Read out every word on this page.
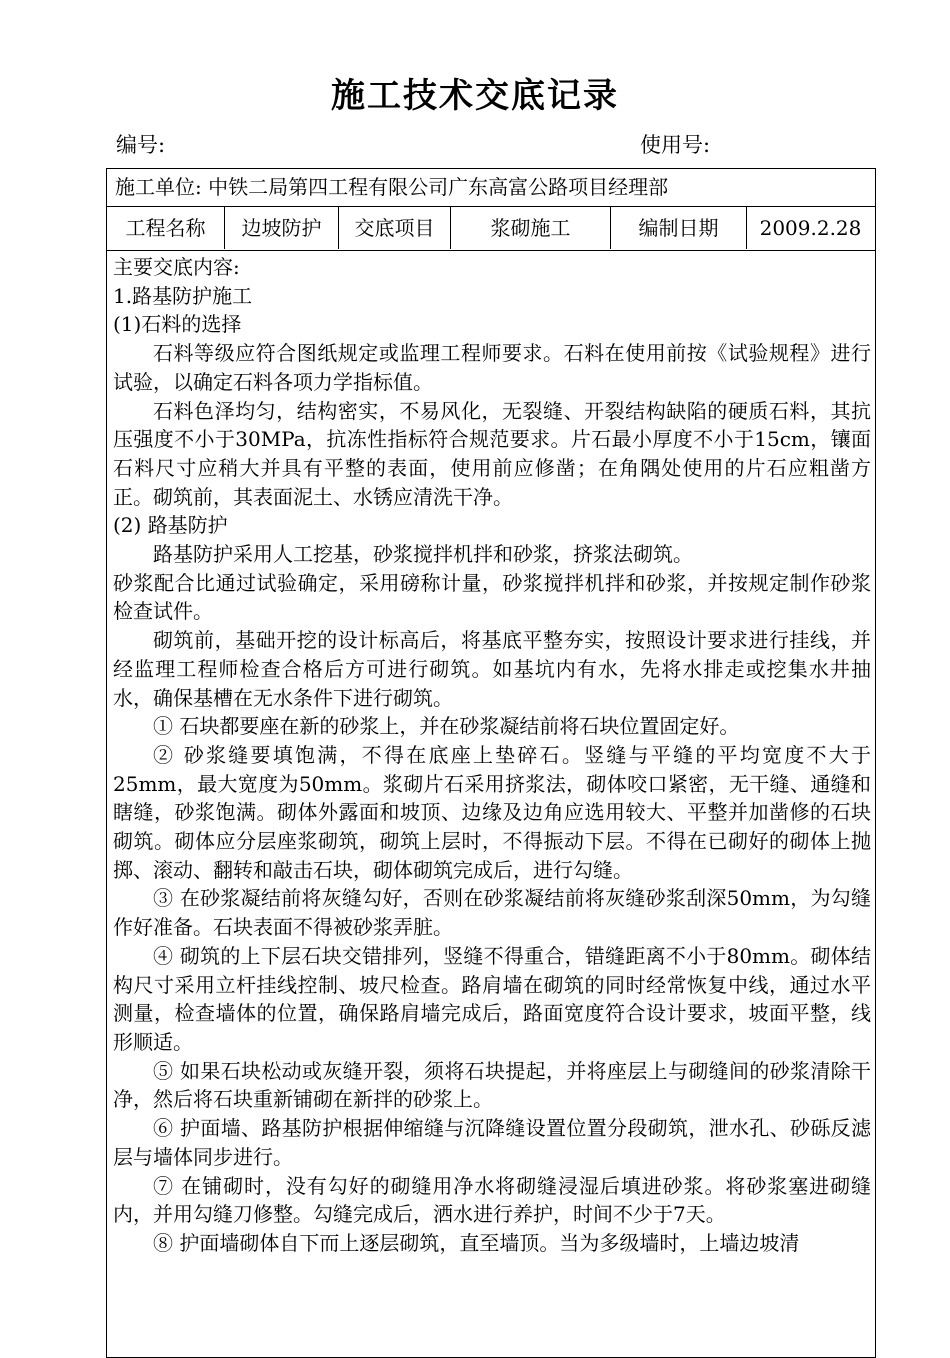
施工技术交底记录
编号:	使用号:
施工单位: 中铁二局第四工程有限公司广东高富公路项目经理部
工程名称	边坡防护	交底项目	浆砌施工	编制日期	2009.2.28

主要交底内容:

1.路基防护施工

(1)石料的选择

石料等级应符合图纸规定或监理工程师要求。石料在使用前按《试验规程》进行试验，以确定石料各项力学指标值。

石料色泽均匀，结构密实，不易风化，无裂缝、开裂结构缺陷的硬质石料，其抗压强度不小于30MPa，抗冻性指标符合规范要求。片石最小厚度不小于15cm，镶面石料尺寸应稍大并具有平整的表面，使用前应修凿；在角隅处使用的片石应粗凿方正。砌筑前，其表面泥土、水锈应清洗干净。

(2) 路基防护

路基防护采用人工挖基，砂浆搅拌机拌和砂浆，挤浆法砌筑。

砂浆配合比通过试验确定，采用磅称计量，砂浆搅拌机拌和砂浆，并按规定制作砂浆检查试件。

砌筑前，基础开挖的设计标高后，将基底平整夯实，按照设计要求进行挂线，并经监理工程师检查合格后方可进行砌筑。如基坑内有水，先将水排走或挖集水井抽水，确保基槽在无水条件下进行砌筑。

① 石块都要座在新的砂浆上，并在砂浆凝结前将石块位置固定好。

② 砂浆缝要填饱满，不得在底座上垫碎石。竖缝与平缝的平均宽度不大于25mm，最大宽度为50mm。浆砌片石采用挤浆法，砌体咬口紧密，无干缝、通缝和瞎缝，砂浆饱满。砌体外露面和坡顶、边缘及边角应选用较大、平整并加凿修的石块砌筑。砌体应分层座浆砌筑，砌筑上层时，不得振动下层。不得在已砌好的砌体上抛掷、滚动、翻转和敲击石块，砌体砌筑完成后，进行勾缝。

③ 在砂浆凝结前将灰缝勾好，否则在砂浆凝结前将灰缝砂浆刮深50mm，为勾缝作好准备。石块表面不得被砂浆弄脏。

④ 砌筑的上下层石块交错排列，竖缝不得重合，错缝距离不小于80mm。砌体结构尺寸采用立杆挂线控制、坡尺检查。路肩墙在砌筑的同时经常恢复中线，通过水平测量，检查墙体的位置，确保路肩墙完成后，路面宽度符合设计要求，坡面平整，线形顺适。

⑤ 如果石块松动或灰缝开裂，须将石块提起，并将座层上与砌缝间的砂浆清除干净，然后将石块重新铺砌在新拌的砂浆上。

⑥ 护面墙、路基防护根据伸缩缝与沉降缝设置位置分段砌筑，泄水孔、砂砾反滤层与墙体同步进行。

⑦ 在铺砌时，没有勾好的砌缝用净水将砌缝浸湿后填进砂浆。将砂浆塞进砌缝内，并用勾缝刀修整。勾缝完成后，洒水进行养护，时间不少于7天。

⑧ 护面墙砌体自下而上逐层砌筑，直至墙顶。当为多级墙时，上墙边坡清
